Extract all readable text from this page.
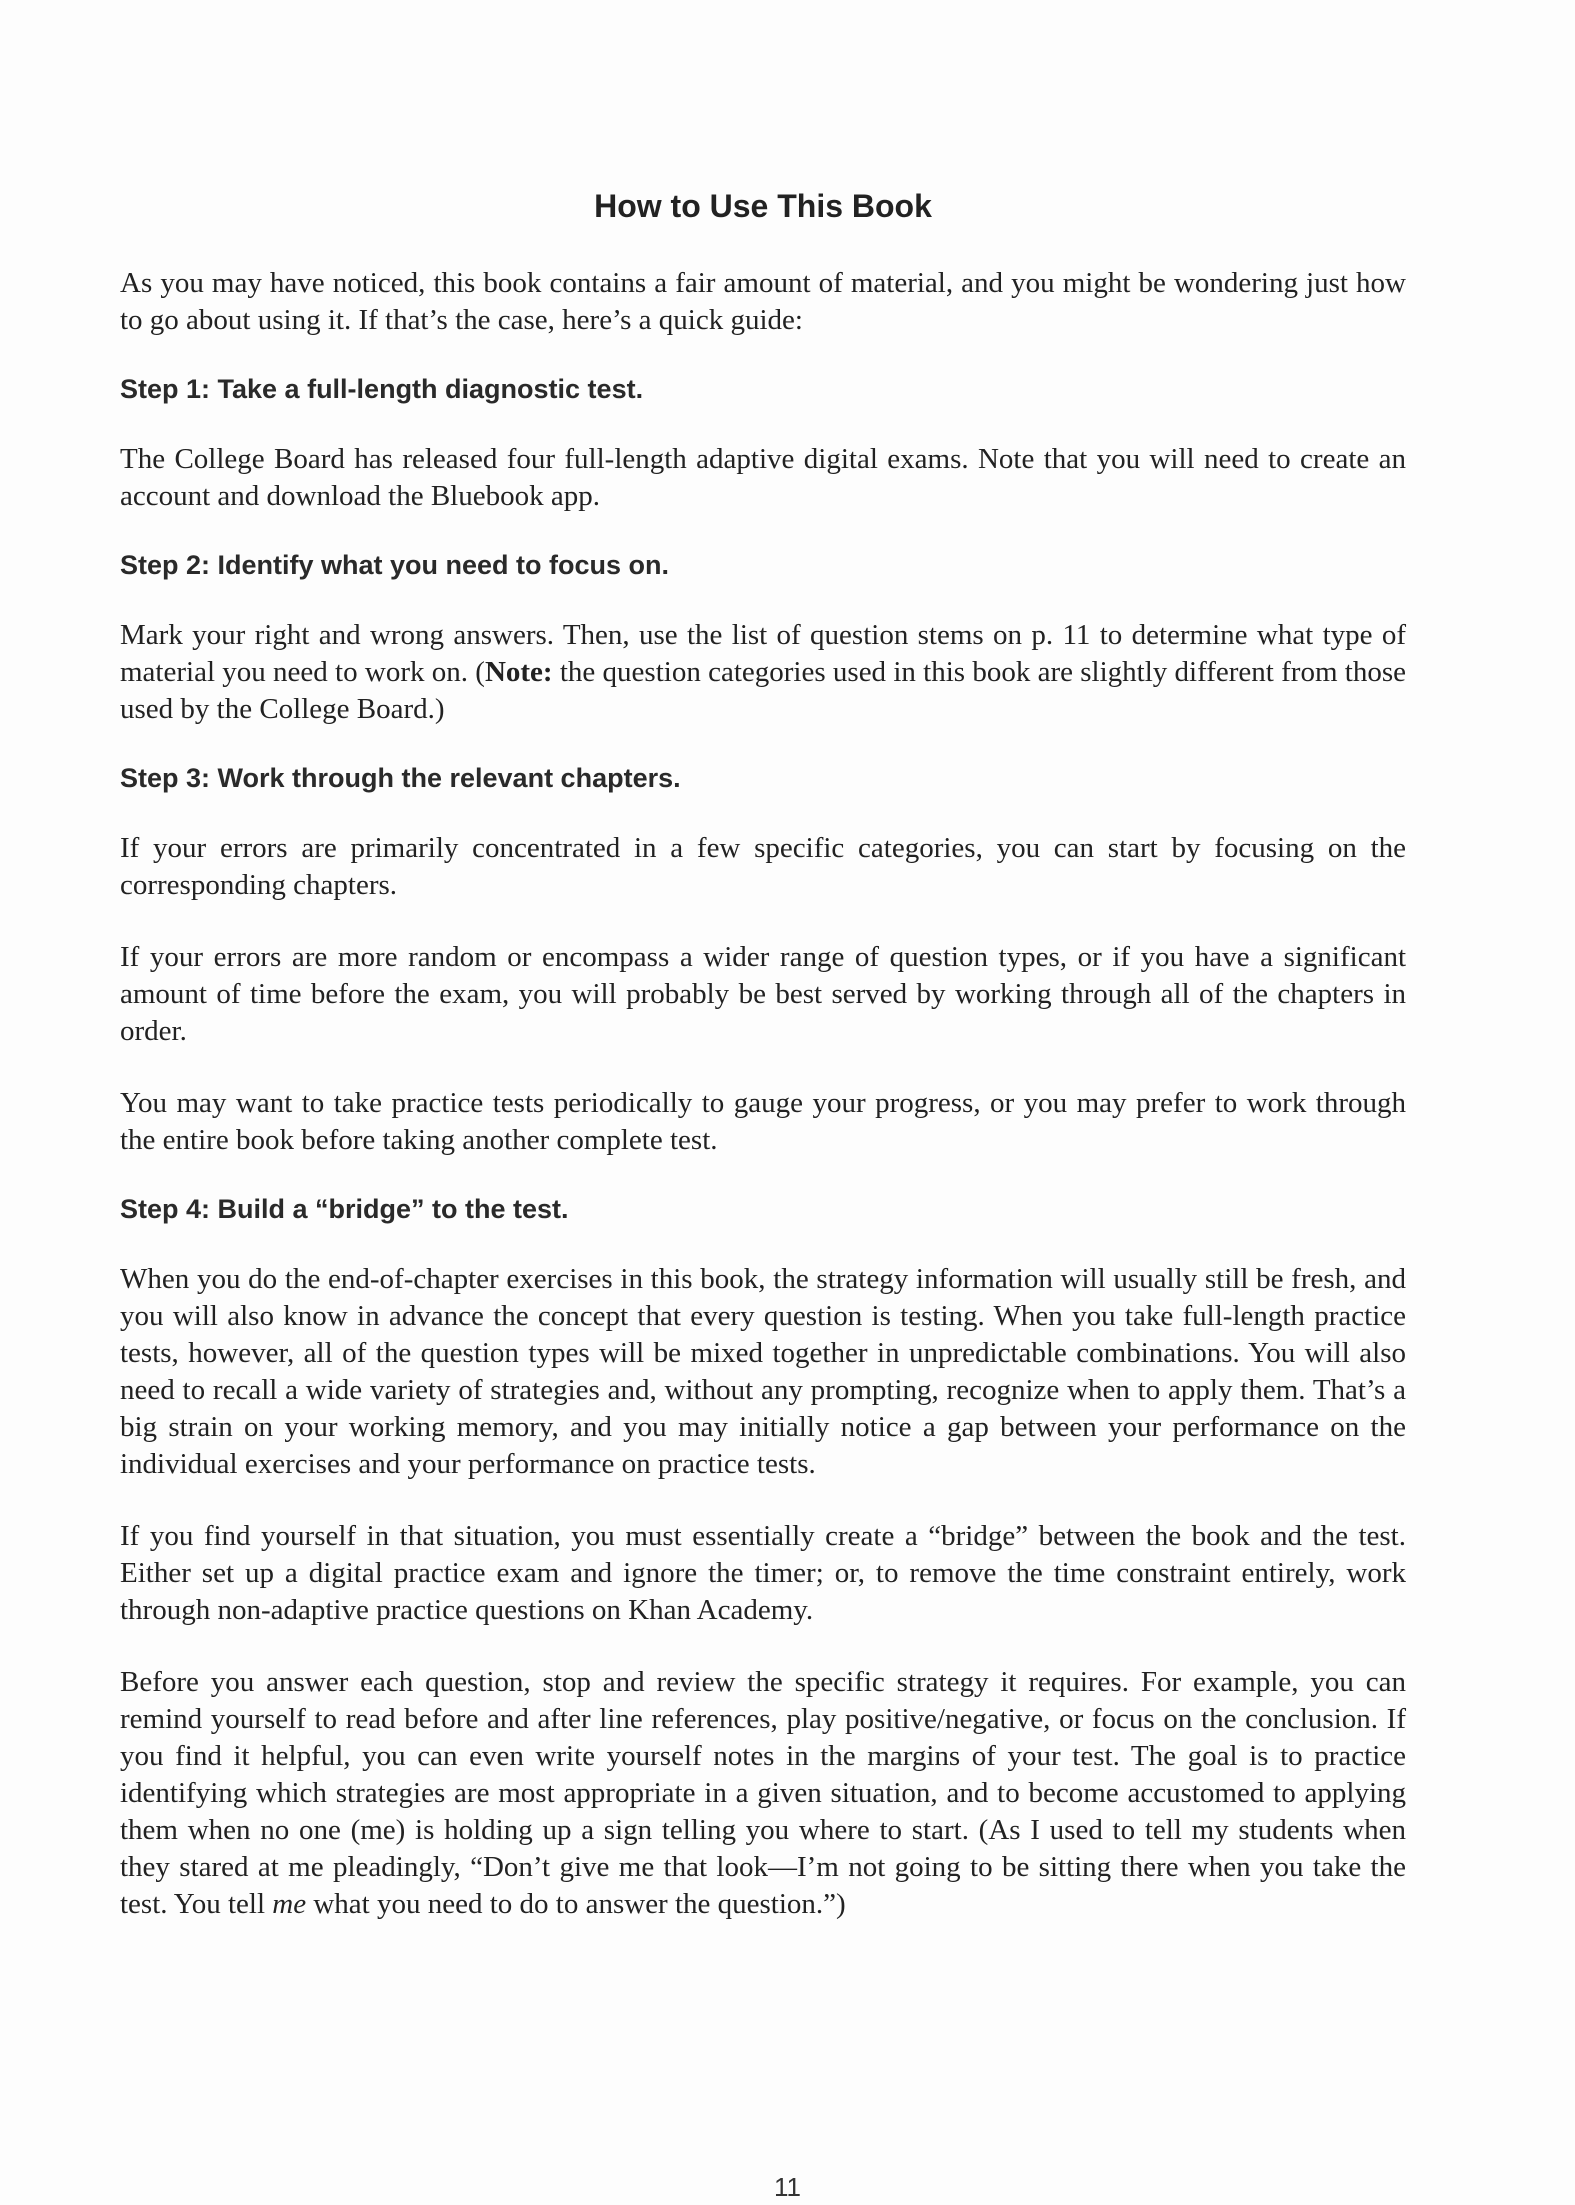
How to Use This Book

As you may have noticed, this book contains a fair amount of material, and you might be wondering just how to go about using it. If that’s the case, here’s a quick guide:

Step 1: Take a full-length diagnostic test.

The College Board has released four full-length adaptive digital exams. Note that you will need to create an account and download the Bluebook app.

Step 2: Identify what you need to focus on.

Mark your right and wrong answers. Then, use the list of question stems on p. 11 to determine what type of material you need to work on. (Note: the question categories used in this book are slightly different from those used by the College Board.)

Step 3: Work through the relevant chapters.

If your errors are primarily concentrated in a few specific categories, you can start by focusing on the corresponding chapters.

If your errors are more random or encompass a wider range of question types, or if you have a significant amount of time before the exam, you will probably be best served by working through all of the chapters in order.

You may want to take practice tests periodically to gauge your progress, or you may prefer to work through the entire book before taking another complete test.

Step 4: Build a “bridge” to the test.

When you do the end-of-chapter exercises in this book, the strategy information will usually still be fresh, and you will also know in advance the concept that every question is testing. When you take full-length practice tests, however, all of the question types will be mixed together in unpredictable combinations. You will also need to recall a wide variety of strategies and, without any prompting, recognize when to apply them. That’s a big strain on your working memory, and you may initially notice a gap between your performance on the individual exercises and your performance on practice tests.

If you find yourself in that situation, you must essentially create a “bridge” between the book and the test. Either set up a digital practice exam and ignore the timer; or, to remove the time constraint entirely, work through non-adaptive practice questions on Khan Academy.

Before you answer each question, stop and review the specific strategy it requires. For example, you can remind yourself to read before and after line references, play positive/negative, or focus on the conclusion. If you find it helpful, you can even write yourself notes in the margins of your test. The goal is to practice identifying which strategies are most appropriate in a given situation, and to become accustomed to applying them when no one (me) is holding up a sign telling you where to start. (As I used to tell my students when they stared at me pleadingly, “Don’t give me that look—I’m not going to be sitting there when you take the test. You tell me what you need to do to answer the question.”)

11
